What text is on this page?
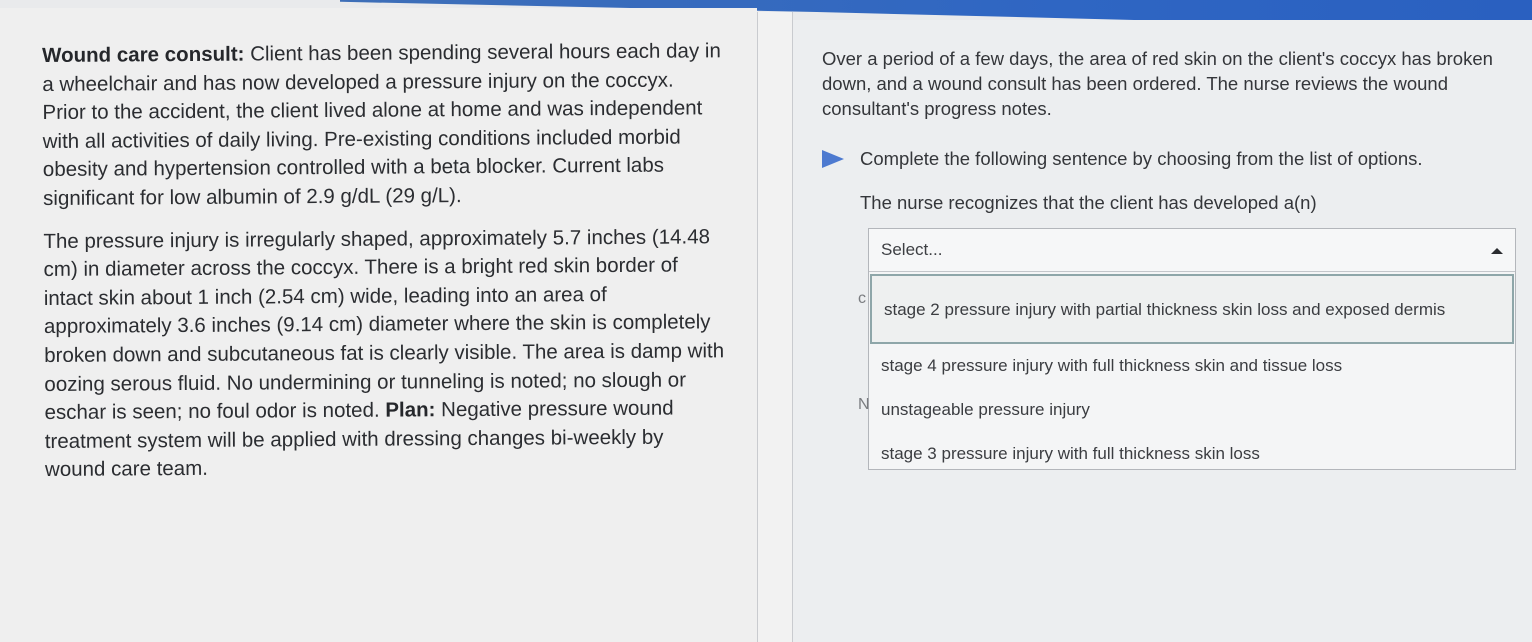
Wound care consult: Client has been spending several hours each day in a wheelchair and has now developed a pressure injury on the coccyx. Prior to the accident, the client lived alone at home and was independent with all activities of daily living. Pre-existing conditions included morbid obesity and hypertension controlled with a beta blocker. Current labs significant for low albumin of 2.9 g/dL (29 g/L).

The pressure injury is irregularly shaped, approximately 5.7 inches (14.48 cm) in diameter across the coccyx. There is a bright red skin border of intact skin about 1 inch (2.54 cm) wide, leading into an area of approximately 3.6 inches (9.14 cm) diameter where the skin is completely broken down and subcutaneous fat is clearly visible. The area is damp with oozing serous fluid. No undermining or tunneling is noted; no slough or eschar is seen; no foul odor is noted. Plan: Negative pressure wound treatment system will be applied with dressing changes bi-weekly by wound care team.

Over a period of a few days, the area of red skin on the client's coccyx has broken down, and a wound consult has been ordered. The nurse reviews the wound consultant's progress notes.
Complete the following sentence by choosing from the list of options.
The nurse recognizes that the client has developed a(n)
Select...
stage 2 pressure injury with partial thickness skin loss and exposed dermis
stage 4 pressure injury with full thickness skin and tissue loss
unstageable pressure injury
stage 3 pressure injury with full thickness skin loss
c
N
